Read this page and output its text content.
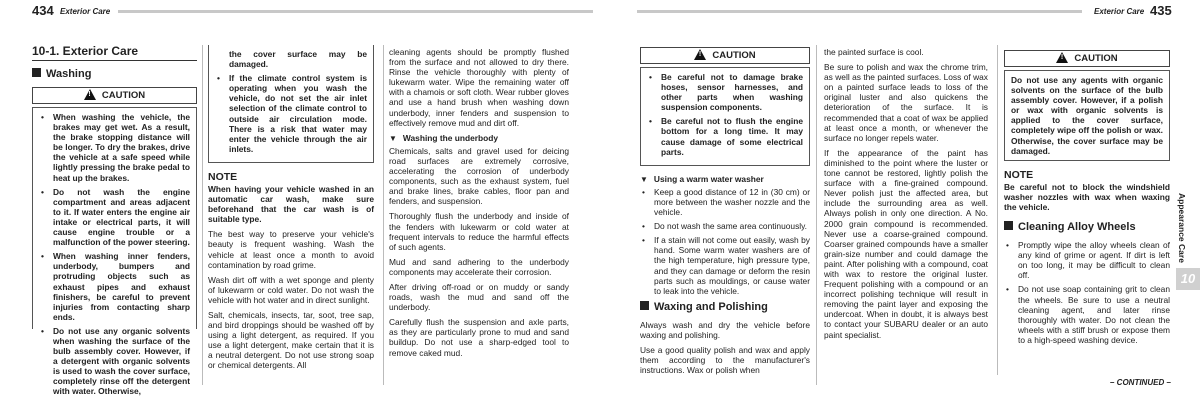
434 Exterior Care	Exterior Care 435
10-1. Exterior Care
Washing
!CAUTION
• When washing the vehicle, the brakes may get wet. As a result, the brake stopping distance will be longer. To dry the brakes, drive the vehicle at a safe speed while lightly pressing the brake pedal to heat up the brakes.
• Do not wash the engine compartment and areas adjacent to it. If water enters the engine air intake or electrical parts, it will cause engine trouble or a malfunction of the power steering.
• When washing inner fenders, underbody, bumpers and protruding objects such as exhaust pipes and exhaust finishers, be careful to prevent injuries from contacting sharp ends.
• Do not use any organic solvents when washing the surface of the bulb assembly cover. However, if a detergent with organic solvents is used to wash the cover surface, completely rinse off the detergent with water. Otherwise,

the cover surface may be damaged.

• If the climate control system is operating when you wash the vehicle, do not set the air inlet selection of the climate control to outside air circulation mode. There is a risk that water may enter the vehicle through the air inlets.
NOTE

When having your vehicle washed in an automatic car wash, make sure beforehand that the car wash is of suitable type.

The best way to preserve your vehicle's beauty is frequent washing. Wash the vehicle at least once a month to avoid contamination by road grime.

Wash dirt off with a wet sponge and plenty of lukewarm or cold water. Do not wash the vehicle with hot water and in direct sunlight.

Salt, chemicals, insects, tar, soot, tree sap, and bird droppings should be washed off by using a light detergent, as required. If you use a light detergent, make certain that it is a neutral detergent. Do not use strong soap or chemical detergents. All

cleaning agents should be promptly flushed from the surface and not allowed to dry there. Rinse the vehicle thoroughly with plenty of lukewarm water. Wipe the remaining water off with a chamois or soft cloth. Wear rubber gloves and use a hand brush when washing down underbody, inner fenders and suspension to effectively remove mud and dirt off.

▼ Washing the underbody

Chemicals, salts and gravel used for deicing road surfaces are extremely corrosive, accelerating the corrosion of underbody components, such as the exhaust system, fuel and brake lines, brake cables, floor pan and fenders, and suspension.

Thoroughly flush the underbody and inside of the fenders with lukewarm or cold water at frequent intervals to reduce the harmful effects of such agents.

Mud and sand adhering to the underbody components may accelerate their corrosion.

After driving off-road or on muddy or sandy roads, wash the mud and sand off the underbody.

Carefully flush the suspension and axle parts, as they are particularly prone to mud and sand buildup. Do not use a sharp-edged tool to remove caked mud.

!CAUTION
• Be careful not to damage brake hoses, sensor harnesses, and other parts when washing suspension components.
• Be careful not to flush the engine bottom for a long time. It may cause damage of some electrical parts.
▼ Using a warm water washer
• Keep a good distance of 12 in (30 cm) or more between the washer nozzle and the vehicle.
• Do not wash the same area continuously.
• If a stain will not come out easily, wash by hand. Some warm water washers are of the high temperature, high pressure type, and they can damage or deform the resin parts such as mouldings, or cause water to leak into the vehicle.
Waxing and Polishing

Always wash and dry the vehicle before waxing and polishing.

Use a good quality polish and wax and apply them according to the manufacturer's instructions. Wax or polish when

the painted surface is cool.

Be sure to polish and wax the chrome trim, as well as the painted surfaces. Loss of wax on a painted surface leads to loss of the original luster and also quickens the deterioration of the surface. It is recommended that a coat of wax be applied at least once a month, or whenever the surface no longer repels water.

If the appearance of the paint has diminished to the point where the luster or tone cannot be restored, lightly polish the surface with a fine-grained compound. Never polish just the affected area, but include the surrounding area as well. Always polish in only one direction. A No. 2000 grain compound is recommended. Never use a coarse-grained compound. Coarser grained compounds have a smaller grain-size number and could damage the paint. After polishing with a compound, coat with wax to restore the original luster. Frequent polishing with a compound or an incorrect polishing technique will result in removing the paint layer and exposing the undercoat. When in doubt, it is always best to contact your SUBARU dealer or an auto paint specialist.

!CAUTION

Do not use any agents with organic solvents on the surface of the bulb assembly cover. However, if a polish or wax with organic solvents is applied to the cover surface, completely wipe off the polish or wax. Otherwise, the cover surface may be damaged.

NOTE

Be careful not to block the windshield washer nozzles with wax when waxing the vehicle.

Cleaning Alloy Wheels
• Promptly wipe the alloy wheels clean of any kind of grime or agent. If dirt is left on too long, it may be difficult to clean off.
• Do not use soap containing grit to clean the wheels. Be sure to use a neutral cleaning agent, and later rinse thoroughly with water. Do not clean the wheels with a stiff brush or expose them to a high-speed washing device.
– CONTINUED –
Appearance Care
10
